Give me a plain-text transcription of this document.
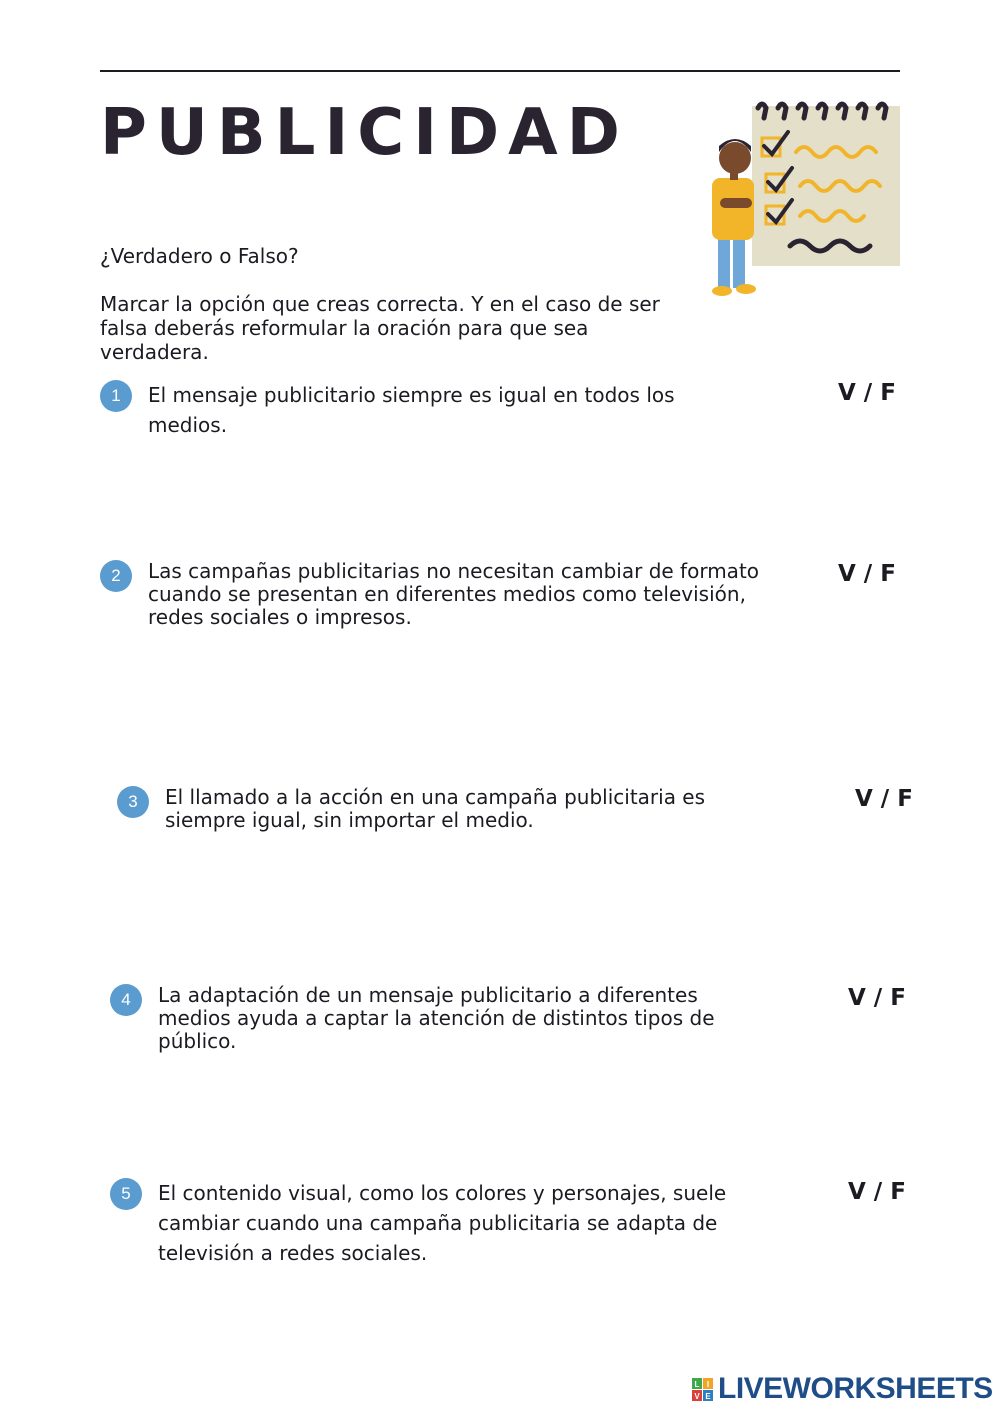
PUBLICIDAD

¿Verdadero o Falso?

Marcar la opción que creas correcta. Y en el caso de ser falsa deberás reformular la oración para que sea verdadera.

1	El mensaje publicitario siempre es igual en todos los medios.

V / F
2	Las campañas publicitarias no necesitan cambiar de formato cuando se presentan en diferentes medios como televisión, redes sociales o impresos.

V / F
3	El llamado a la acción en una campaña publicitaria es siempre igual, sin importar el medio.

V / F
4	La adaptación de un mensaje publicitario a diferentes medios ayuda a captar la atención de distintos tipos de público.

V / F
5	El contenido visual, como los colores y personajes, suele cambiar cuando una campaña publicitaria se adapta de televisión a redes sociales.

V / F
L I
V E LIVEWORKSHEETS
